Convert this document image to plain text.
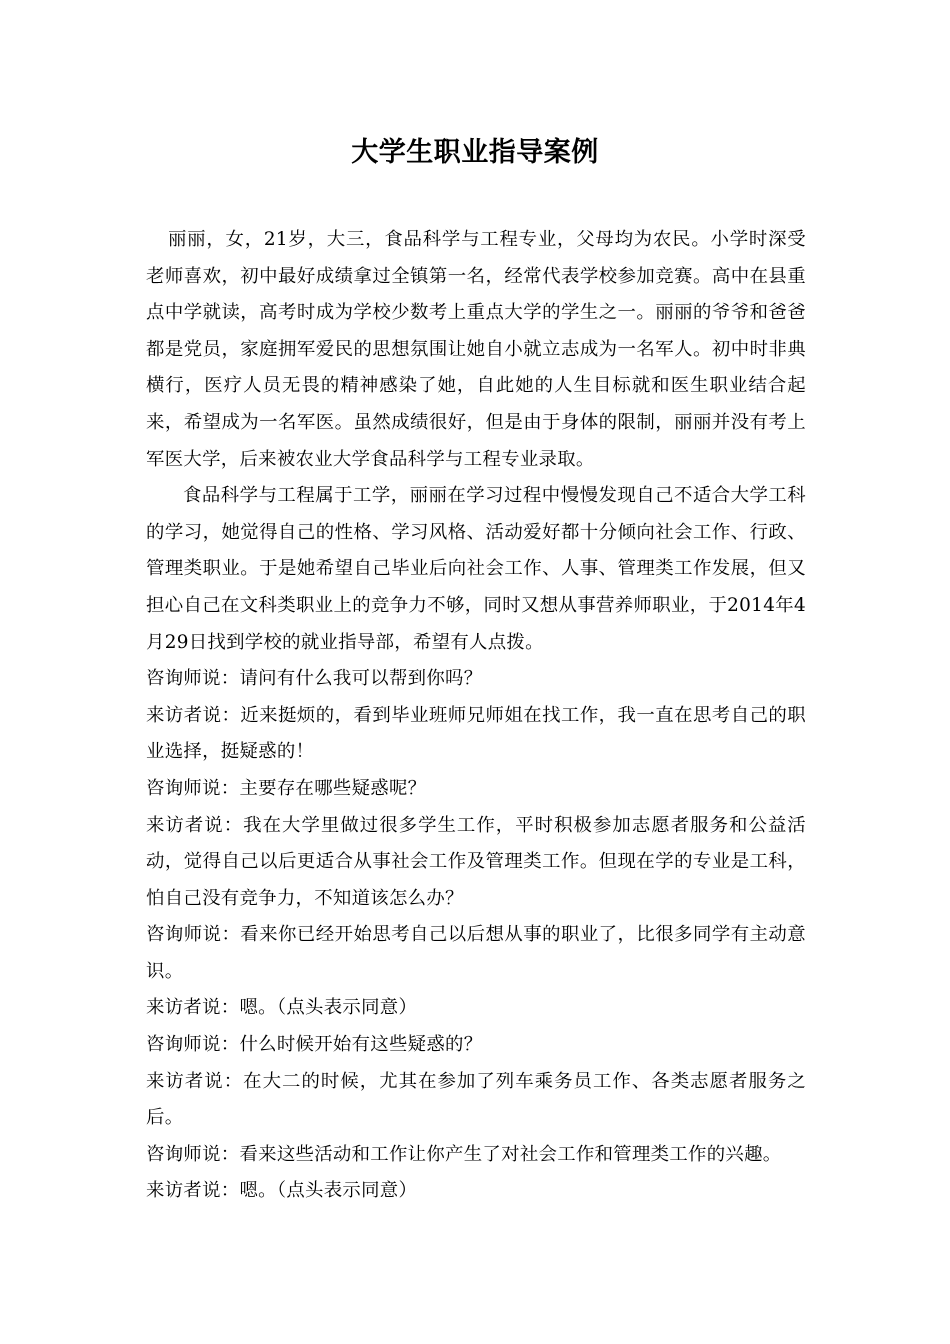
大学生职业指导案例

丽丽，女，21岁，大三，食品科学与工程专业，父母均为农民。小学时深受老师喜欢，初中最好成绩拿过全镇第一名，经常代表学校参加竞赛。高中在县重点中学就读，高考时成为学校少数考上重点大学的学生之一。丽丽的爷爷和爸爸都是党员，家庭拥军爱民的思想氛围让她自小就立志成为一名军人。初中时非典横行，医疗人员无畏的精神感染了她，自此她的人生目标就和医生职业结合起来，希望成为一名军医。虽然成绩很好，但是由于身体的限制，丽丽并没有考上军医大学，后来被农业大学食品科学与工程专业录取。

食品科学与工程属于工学，丽丽在学习过程中慢慢发现自己不适合大学工科的学习，她觉得自己的性格、学习风格、活动爱好都十分倾向社会工作、行政、管理类职业。于是她希望自己毕业后向社会工作、人事、管理类工作发展，但又担心自己在文科类职业上的竞争力不够，同时又想从事营养师职业，于2014年4月29日找到学校的就业指导部，希望有人点拨。

咨询师说：请问有什么我可以帮到你吗？

来访者说：近来挺烦的，看到毕业班师兄师姐在找工作，我一直在思考自己的职业选择，挺疑惑的！

咨询师说：主要存在哪些疑惑呢？

来访者说：我在大学里做过很多学生工作，平时积极参加志愿者服务和公益活动，觉得自己以后更适合从事社会工作及管理类工作。但现在学的专业是工科，怕自己没有竞争力，不知道该怎么办？

咨询师说：看来你已经开始思考自己以后想从事的职业了，比很多同学有主动意识。

来访者说：嗯。（点头表示同意）

咨询师说：什么时候开始有这些疑惑的？

来访者说：在大二的时候，尤其在参加了列车乘务员工作、各类志愿者服务之后。

咨询师说：看来这些活动和工作让你产生了对社会工作和管理类工作的兴趣。

来访者说：嗯。（点头表示同意）
